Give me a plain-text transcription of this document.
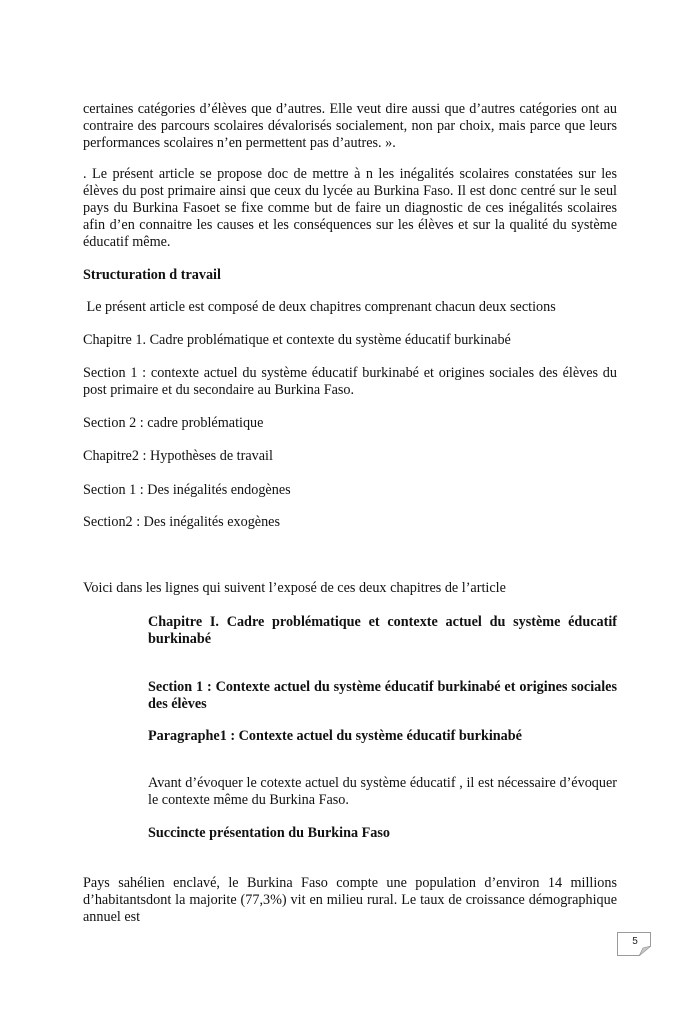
certaines catégories d’élèves que d’autres. Elle veut dire aussi que d’autres catégories ont au contraire des parcours scolaires dévalorisés socialement, non par choix, mais parce que leurs performances scolaires n’en permettent pas d’autres. ».

. Le présent article se propose doc de mettre à n les inégalités scolaires constatées sur les élèves du post primaire ainsi que ceux du lycée au Burkina Faso. Il est donc centré sur le seul pays du Burkina Fasoet se fixe comme but de faire un diagnostic de ces inégalités scolaires afin d’en connaitre les causes et les conséquences sur les élèves et sur la qualité du système éducatif même.

Structuration d travail

Le présent article est composé de deux chapitres comprenant chacun deux sections

Chapitre 1. Cadre problématique et contexte du système éducatif burkinabé

Section 1 : contexte actuel du système éducatif burkinabé et origines sociales des élèves du post primaire et du secondaire au Burkina Faso.

Section 2 : cadre problématique

Chapitre2 : Hypothèses de travail

Section 1 : Des inégalités endogènes

Section2 : Des inégalités exogènes

Voici dans les lignes qui suivent l’exposé de ces deux chapitres de l’article

Chapitre I. Cadre problématique et contexte actuel du système éducatif burkinabé

Section 1 : Contexte actuel du système éducatif burkinabé et origines sociales des élèves

Paragraphe1 : Contexte actuel du système éducatif burkinabé

Avant d’évoquer le cotexte actuel du système éducatif , il est nécessaire d’évoquer le contexte même du Burkina Faso.

Succincte présentation du Burkina Faso

Pays sahélien enclavé, le Burkina Faso compte une population d’environ 14 millions d’habitantsdont la majorite (77,3%) vit en milieu rural. Le taux de croissance démographique annuel est

5
